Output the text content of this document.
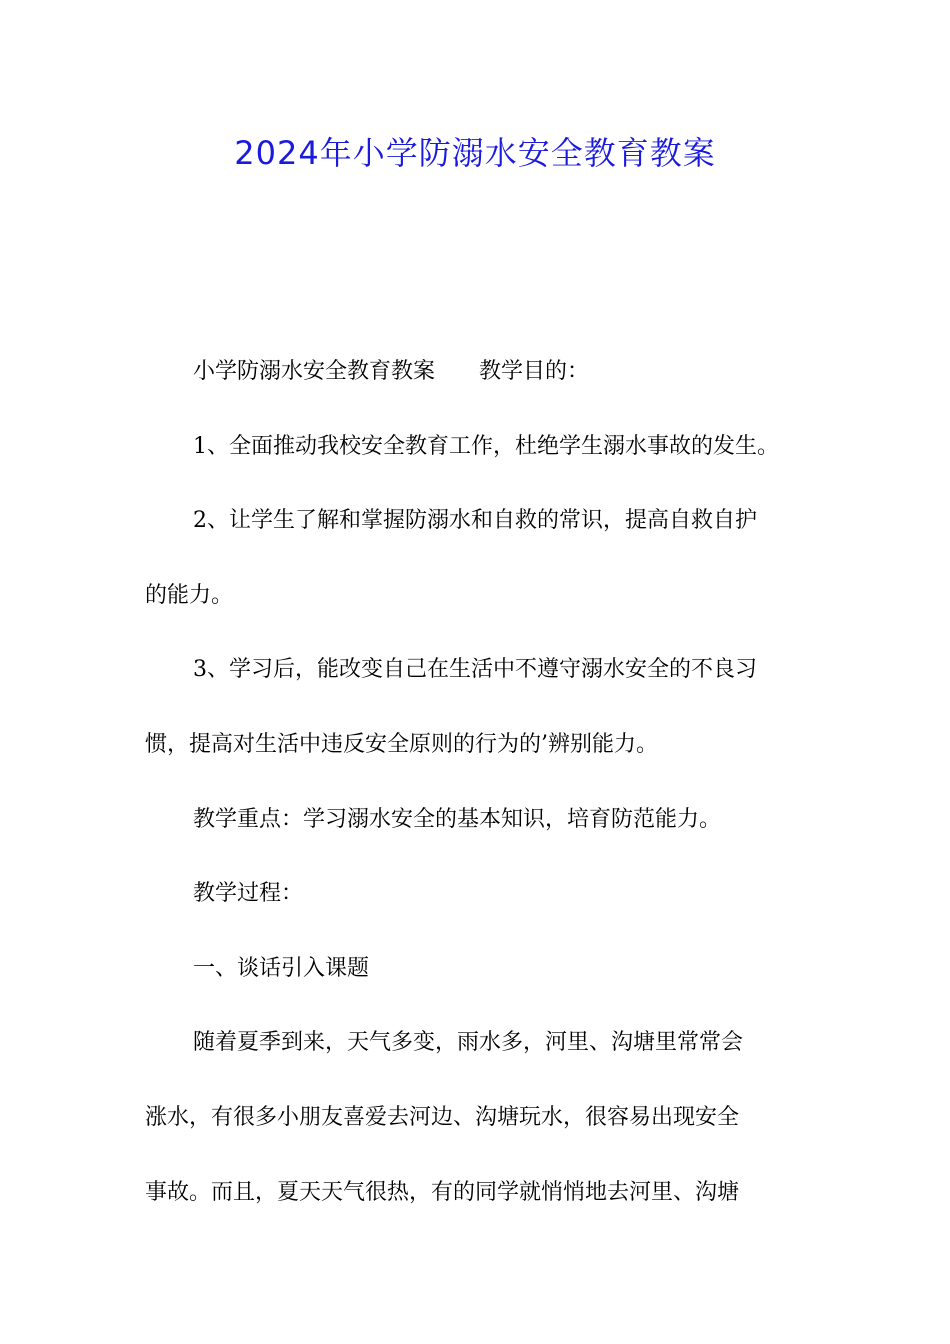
2024年小学防溺水安全教育教案
小学防溺水安全教育教案 教学目的：
1、全面推动我校安全教育工作，杜绝学生溺水事故的发生。
2、让学生了解和掌握防溺水和自救的常识，提高自救自护
的能力。
3、学习后，能改变自己在生活中不遵守溺水安全的不良习
惯，提高对生活中违反安全原则的行为的’辨别能力。
教学重点：学习溺水安全的基本知识，培育防范能力。
教学过程：
一、谈话引入课题
随着夏季到来，天气多变，雨水多，河里、沟塘里常常会
涨水，有很多小朋友喜爱去河边、沟塘玩水，很容易出现安全
事故。而且，夏天天气很热，有的同学就悄悄地去河里、沟塘
